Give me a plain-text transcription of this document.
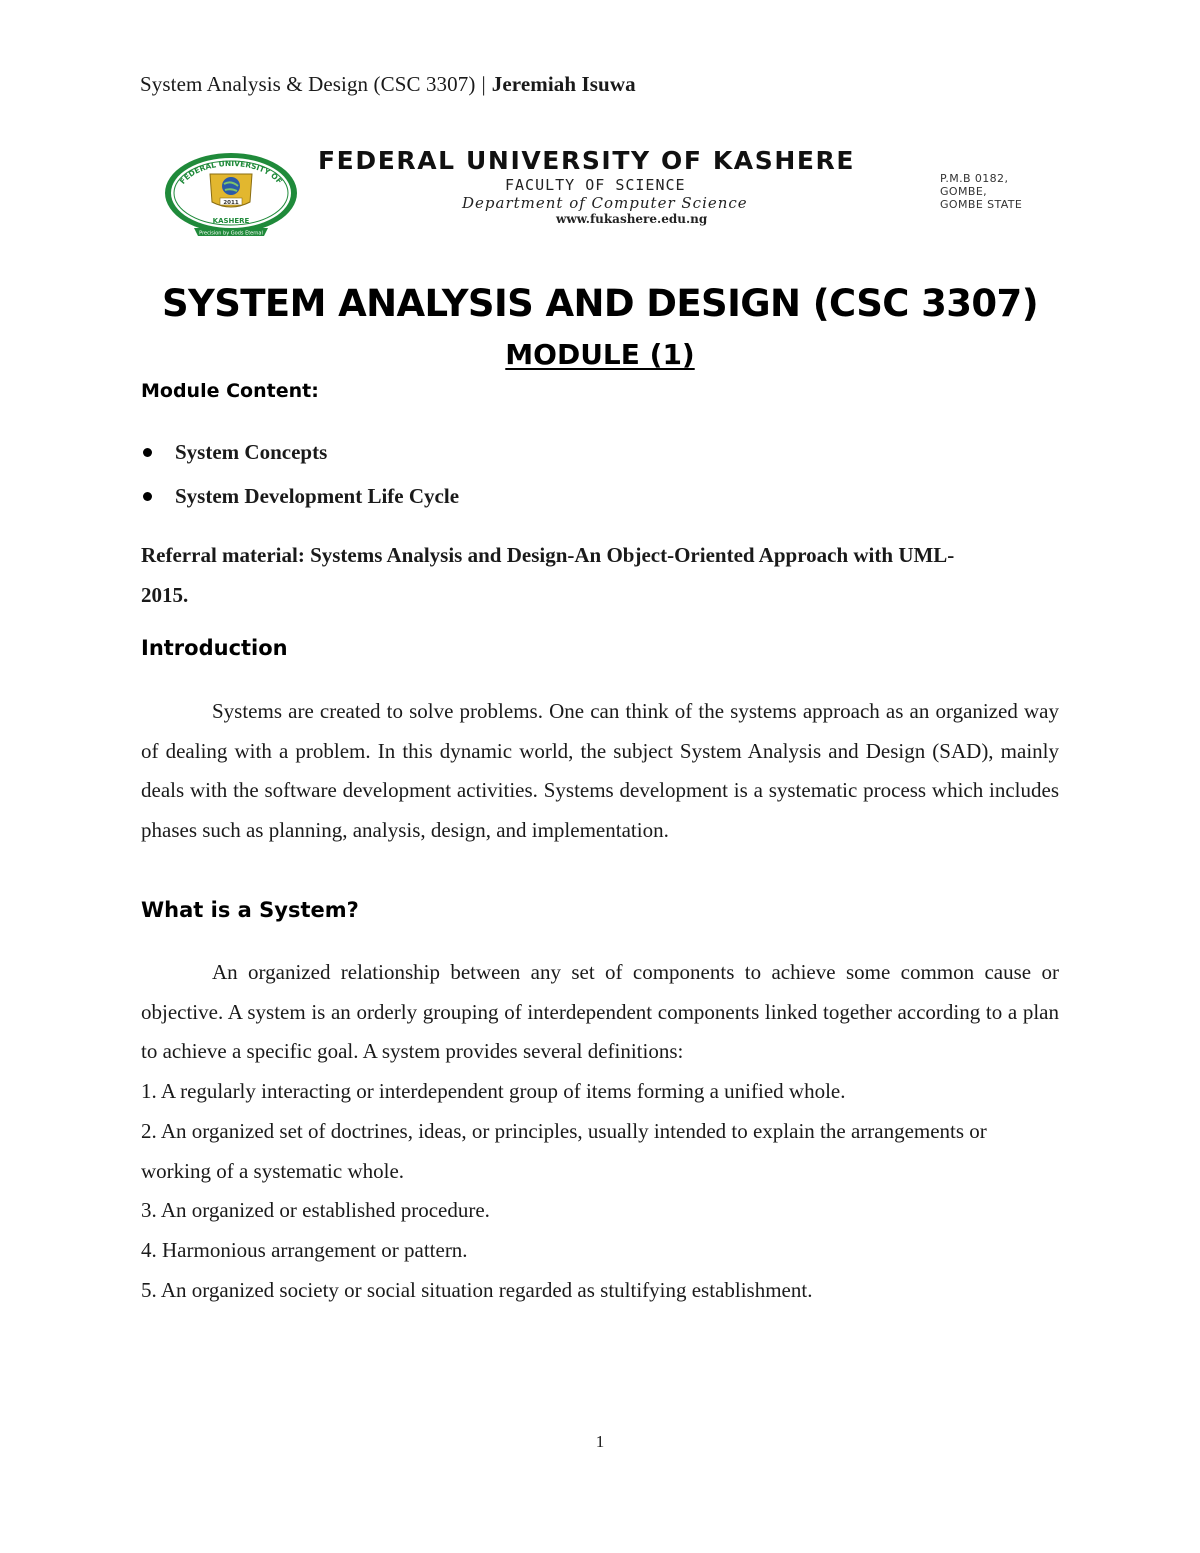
System Analysis & Design (CSC 3307) | Jeremiah Isuwa
FEDERAL UNIVERSITY OF
KASHERE
2011
Precision by Gods Eternal
FEDERAL UNIVERSITY OF KASHERE
FACULTY OF SCIENCE
Department of Computer Science
www.fukashere.edu.ng
P.M.B 0182,
GOMBE,
GOMBE STATE
SYSTEM ANALYSIS AND DESIGN (CSC 3307)
MODULE (1)
Module Content:
System Concepts
System Development Life Cycle
Referral material: Systems Analysis and Design-An Object-Oriented Approach with UML-
2015.
Introduction

Systems are created to solve problems. One can think of the systems approach as an organized way of dealing with a problem. In this dynamic world, the subject System Analysis and Design (SAD), mainly deals with the software development activities. Systems development is a systematic process which includes phases such as planning, analysis, design, and implementation.

What is a System?

An organized relationship between any set of components to achieve some common cause or objective. A system is an orderly grouping of interdependent components linked together according to a plan to achieve a specific goal. A system provides several definitions:

1. A regularly interacting or interdependent group of items forming a unified whole.
2. An organized set of doctrines, ideas, or principles, usually intended to explain the arrangements or working of a systematic whole.
3. An organized or established procedure.
4. Harmonious arrangement or pattern.
5. An organized society or social situation regarded as stultifying establishment.
1
